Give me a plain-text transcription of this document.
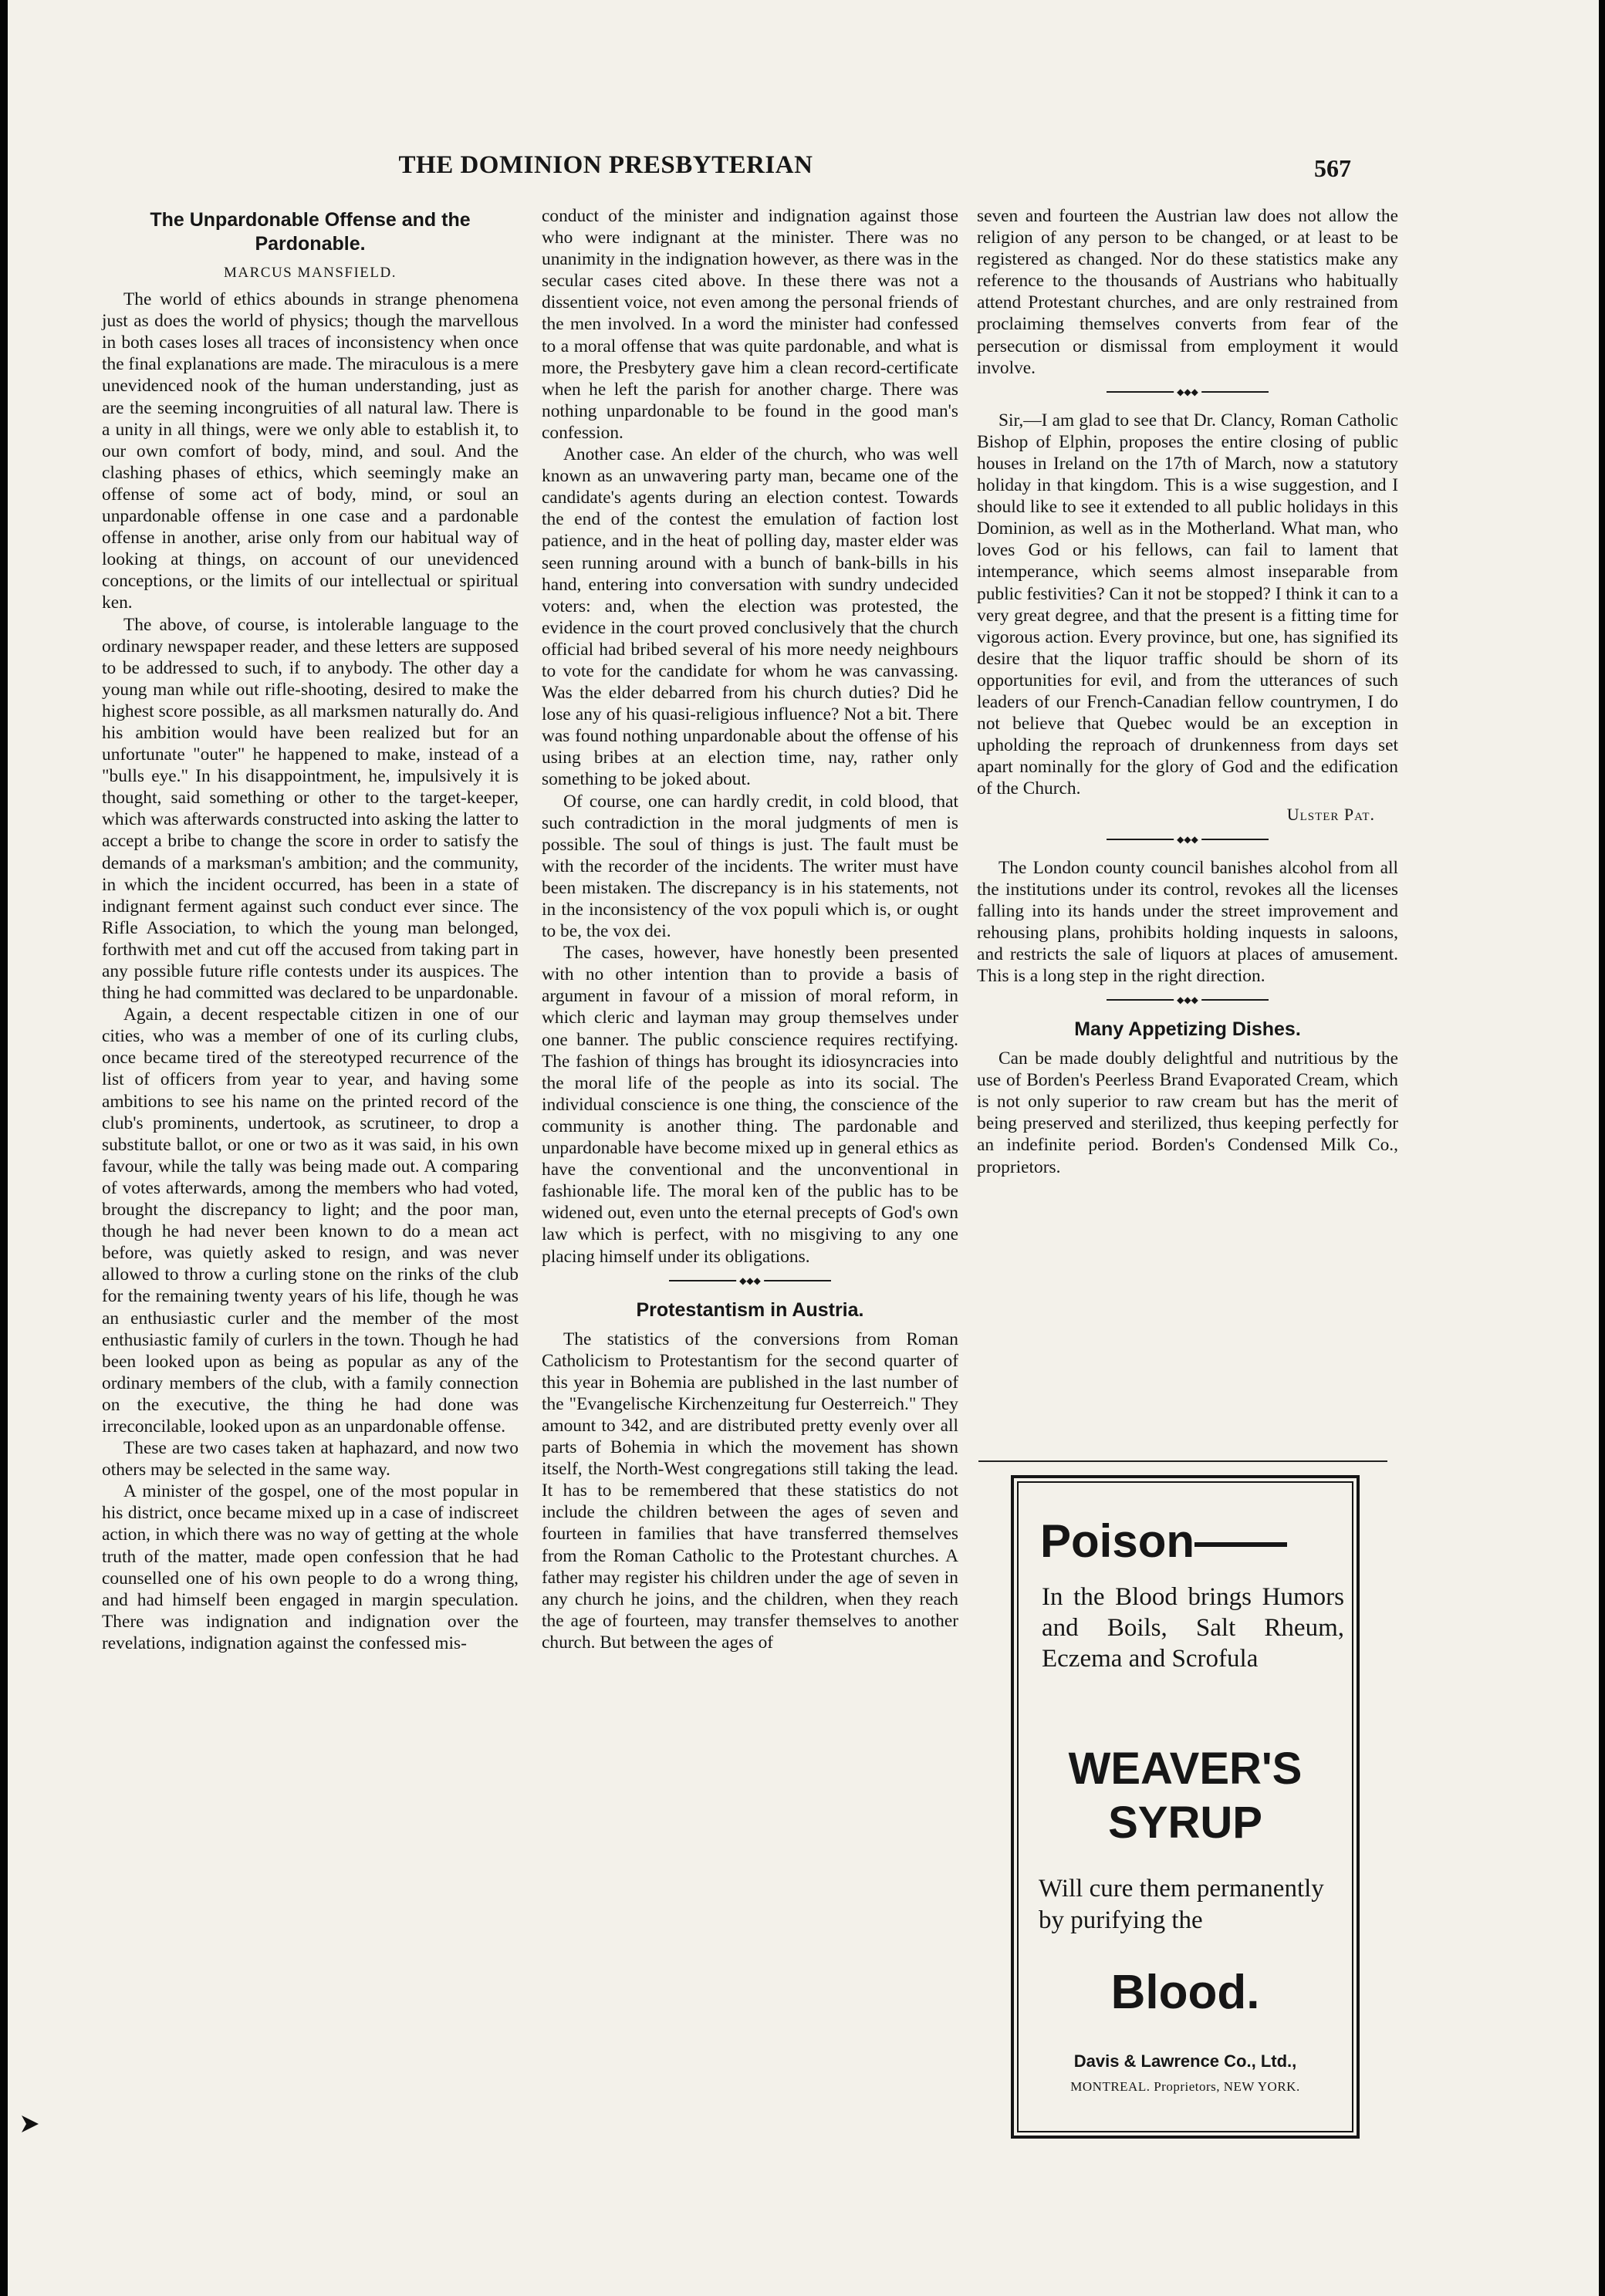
THE DOMINION PRESBYTERIAN	567
The Unpardonable Offense and the Pardonable.
MARCUS MANSFIELD.

The world of ethics abounds in strange phenomena just as does the world of physics; though the marvellous in both cases loses all traces of inconsistency when once the final explanations are made. The miraculous is a mere unevidenced nook of the human understanding, just as are the seeming incongruities of all natural law. There is a unity in all things, were we only able to establish it, to our own comfort of body, mind, and soul. And the clashing phases of ethics, which seemingly make an offense of some act of body, mind, or soul an unpardonable offense in one case and a pardonable offense in another, arise only from our habitual way of looking at things, on account of our unevidenced conceptions, or the limits of our intellectual or spiritual ken.

The above, of course, is intolerable language to the ordinary newspaper reader, and these letters are supposed to be addressed to such, if to anybody. The other day a young man while out rifle-shooting, desired to make the highest score possible, as all marksmen naturally do. And his ambition would have been realized but for an unfortunate "outer" he happened to make, instead of a "bulls eye." In his disappointment, he, impulsively it is thought, said something or other to the target-keeper, which was afterwards constructed into asking the latter to accept a bribe to change the score in order to satisfy the demands of a marksman's ambition; and the community, in which the incident occurred, has been in a state of indignant ferment against such conduct ever since. The Rifle Association, to which the young man belonged, forthwith met and cut off the accused from taking part in any possible future rifle contests under its auspices. The thing he had committed was declared to be unpardonable.

Again, a decent respectable citizen in one of our cities, who was a member of one of its curling clubs, once became tired of the stereotyped recurrence of the list of officers from year to year, and having some ambitions to see his name on the printed record of the club's prominents, undertook, as scrutineer, to drop a substitute ballot, or one or two as it was said, in his own favour, while the tally was being made out. A comparing of votes afterwards, among the members who had voted, brought the discrepancy to light; and the poor man, though he had never been known to do a mean act before, was quietly asked to resign, and was never allowed to throw a curling stone on the rinks of the club for the remaining twenty years of his life, though he was an enthusiastic curler and the member of the most enthusiastic family of curlers in the town. Though he had been looked upon as being as popular as any of the ordinary members of the club, with a family connection on the executive, the thing he had done was irreconcilable, looked upon as an unpardonable offense.

These are two cases taken at haphazard, and now two others may be selected in the same way.

A minister of the gospel, one of the most popular in his district, once became mixed up in a case of indiscreet action, in which there was no way of getting at the whole truth of the matter, made open confession that he had counselled one of his own people to do a wrong thing, and had himself been engaged in margin speculation. There was indignation and indignation over the revelations, indignation against the confessed mis-

conduct of the minister and indignation against those who were indignant at the minister. There was no unanimity in the indignation however, as there was in the secular cases cited above. In these there was not a dissentient voice, not even among the personal friends of the men involved. In a word the minister had confessed to a moral offense that was quite pardonable, and what is more, the Presbytery gave him a clean record-certificate when he left the parish for another charge. There was nothing unpardonable to be found in the good man's confession.

Another case. An elder of the church, who was well known as an unwavering party man, became one of the candidate's agents during an election contest. Towards the end of the contest the emulation of faction lost patience, and in the heat of polling day, master elder was seen running around with a bunch of bank-bills in his hand, entering into conversation with sundry undecided voters: and, when the election was protested, the evidence in the court proved conclusively that the church official had bribed several of his more needy neighbours to vote for the candidate for whom he was canvassing. Was the elder debarred from his church duties? Did he lose any of his quasi-religious influence? Not a bit. There was found nothing unpardonable about the offense of his using bribes at an election time, nay, rather only something to be joked about.

Of course, one can hardly credit, in cold blood, that such contradiction in the moral judgments of men is possible. The soul of things is just. The fault must be with the recorder of the incidents. The writer must have been mistaken. The discrepancy is in his statements, not in the inconsistency of the vox populi which is, or ought to be, the vox dei.

The cases, however, have honestly been presented with no other intention than to provide a basis of argument in favour of a mission of moral reform, in which cleric and layman may group themselves under one banner. The public conscience requires rectifying. The fashion of things has brought its idiosyncracies into the moral life of the people as into its social. The individual conscience is one thing, the conscience of the community is another thing. The pardonable and unpardonable have become mixed up in general ethics as have the conventional and the unconventional in fashionable life. The moral ken of the public has to be widened out, even unto the eternal precepts of God's own law which is perfect, with no misgiving to any one placing himself under its obligations.

◆◆◆
Protestantism in Austria.

The statistics of the conversions from Roman Catholicism to Protestantism for the second quarter of this year in Bohemia are published in the last number of the "Evangelische Kirchenzeitung fur Oesterreich." They amount to 342, and are distributed pretty evenly over all parts of Bohemia in which the movement has shown itself, the North-West congregations still taking the lead. It has to be remembered that these statistics do not include the children between the ages of seven and fourteen in families that have transferred themselves from the Roman Catholic to the Protestant churches. A father may register his children under the age of seven in any church he joins, and the children, when they reach the age of fourteen, may transfer themselves to another church. But between the ages of

seven and fourteen the Austrian law does not allow the religion of any person to be changed, or at least to be registered as changed. Nor do these statistics make any reference to the thousands of Austrians who habitually attend Protestant churches, and are only restrained from proclaiming themselves converts from fear of the persecution or dismissal from employment it would involve.

◆◆◆

Sir,—I am glad to see that Dr. Clancy, Roman Catholic Bishop of Elphin, proposes the entire closing of public houses in Ireland on the 17th of March, now a statutory holiday in that kingdom. This is a wise suggestion, and I should like to see it extended to all public holidays in this Dominion, as well as in the Motherland. What man, who loves God or his fellows, can fail to lament that intemperance, which seems almost inseparable from public festivities? Can it not be stopped? I think it can to a very great degree, and that the present is a fitting time for vigorous action. Every province, but one, has signified its desire that the liquor traffic should be shorn of its opportunities for evil, and from the utterances of such leaders of our French-Canadian fellow countrymen, I do not believe that Quebec would be an exception in upholding the reproach of drunkenness from days set apart nominally for the glory of God and the edification of the Church.

Ulster Pat.
◆◆◆

The London county council banishes alcohol from all the institutions under its control, revokes all the licenses falling into its hands under the street improvement and rehousing plans, prohibits holding inquests in saloons, and restricts the sale of liquors at places of amusement. This is a long step in the right direction.

◆◆◆
Many Appetizing Dishes.

Can be made doubly delightful and nutritious by the use of Borden's Peerless Brand Evaporated Cream, which is not only superior to raw cream but has the merit of being preserved and sterilized, thus keeping perfectly for an indefinite period. Borden's Condensed Milk Co., proprietors.

Poison——
In the Blood brings Humors and Boils, Salt Rheum, Eczema and Scrofula
WEAVER'S
SYRUP
Will cure them permanently by purifying the
Blood.
Davis & Lawrence Co., Ltd.,
MONTREAL. Proprietors, NEW YORK.
